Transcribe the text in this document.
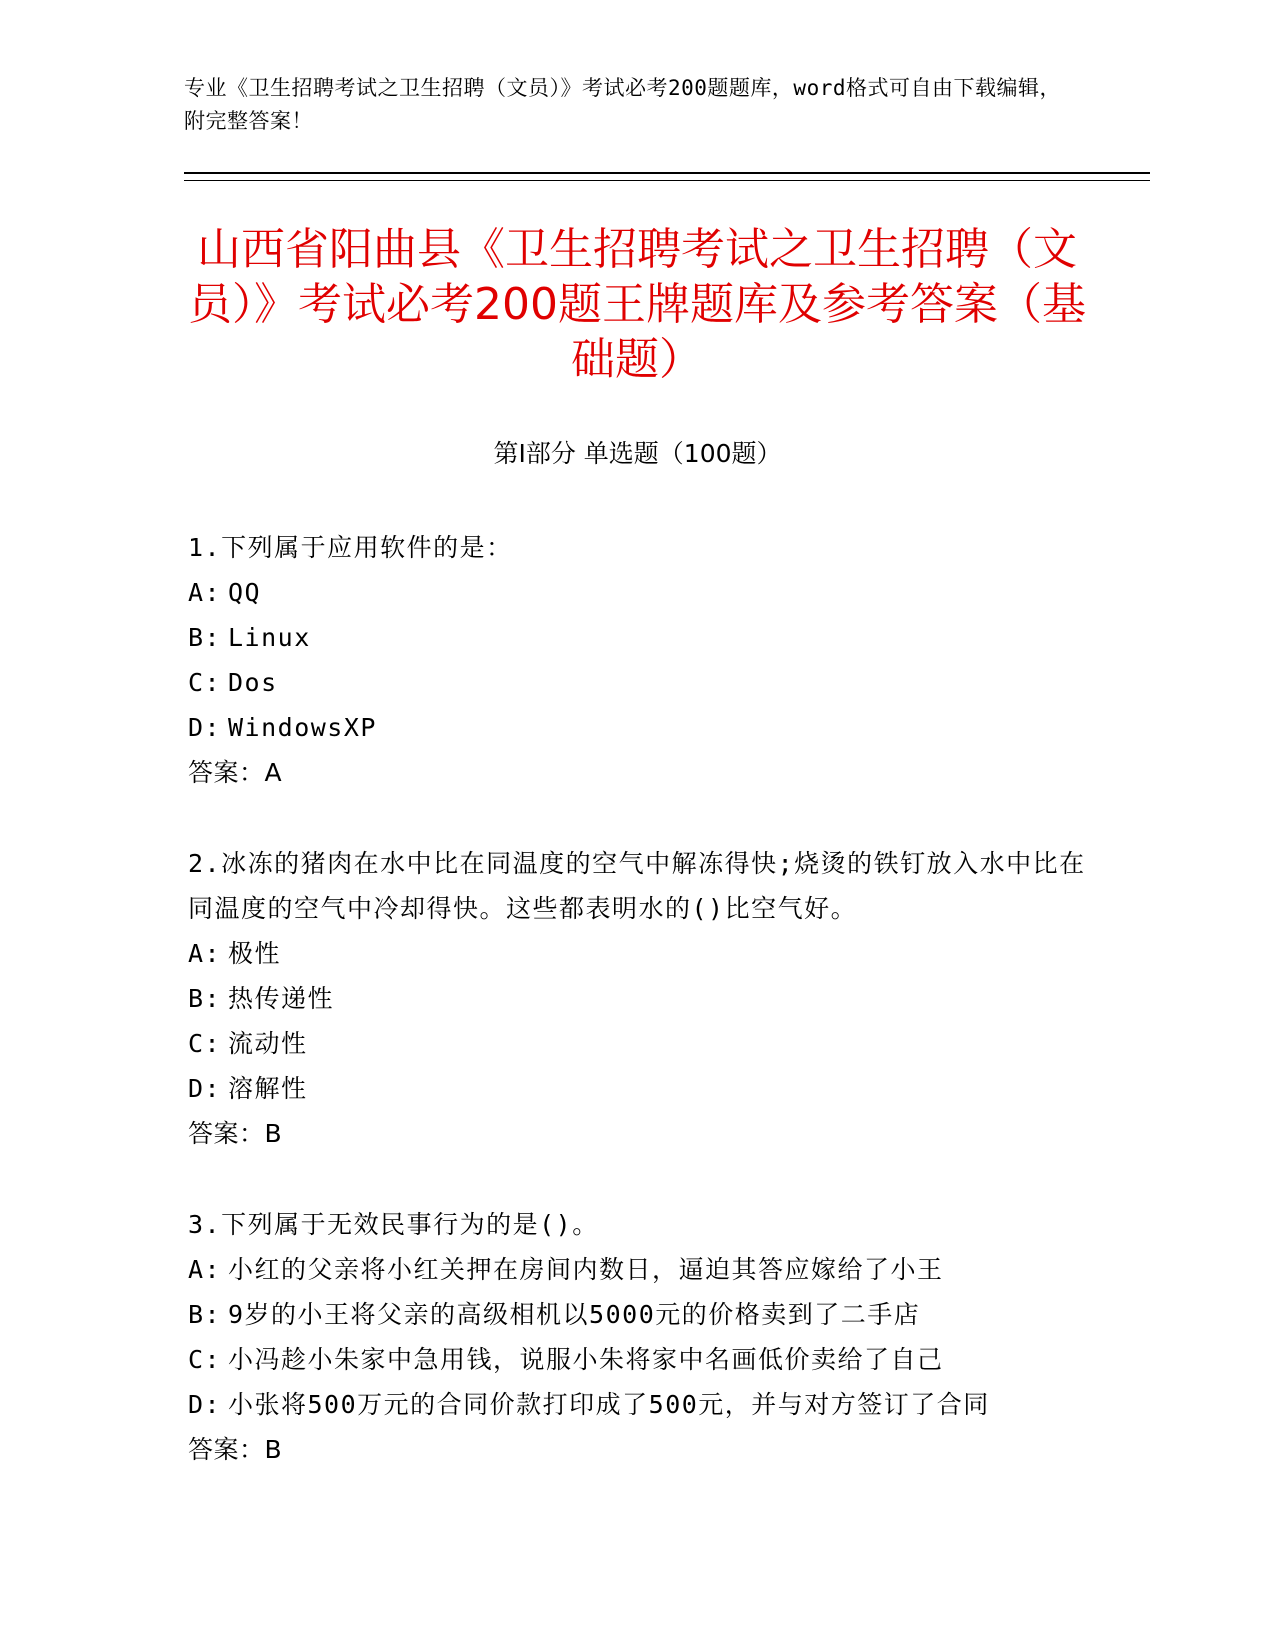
专业《卫生招聘考试之卫生招聘（文员）》考试必考200题题库，word格式可自由下载编辑，附完整答案！
山西省阳曲县《卫生招聘考试之卫生招聘（文员）》考试必考200题王牌题库及参考答案（基础题）
第I部分 单选题（100题）

1.下列属于应用软件的是：

A: QQ

B: Linux

C: Dos

D: WindowsXP

答案：A

2.冰冻的猪肉在水中比在同温度的空气中解冻得快;烧烫的铁钉放入水中比在同温度的空气中冷却得快。这些都表明水的()比空气好。

A: 极性

B: 热传递性

C: 流动性

D: 溶解性

答案：B

3.下列属于无效民事行为的是()。

A: 小红的父亲将小红关押在房间内数日，逼迫其答应嫁给了小王

B: 9岁的小王将父亲的高级相机以5000元的价格卖到了二手店

C: 小冯趁小朱家中急用钱，说服小朱将家中名画低价卖给了自己

D: 小张将500万元的合同价款打印成了500元，并与对方签订了合同

答案：B
